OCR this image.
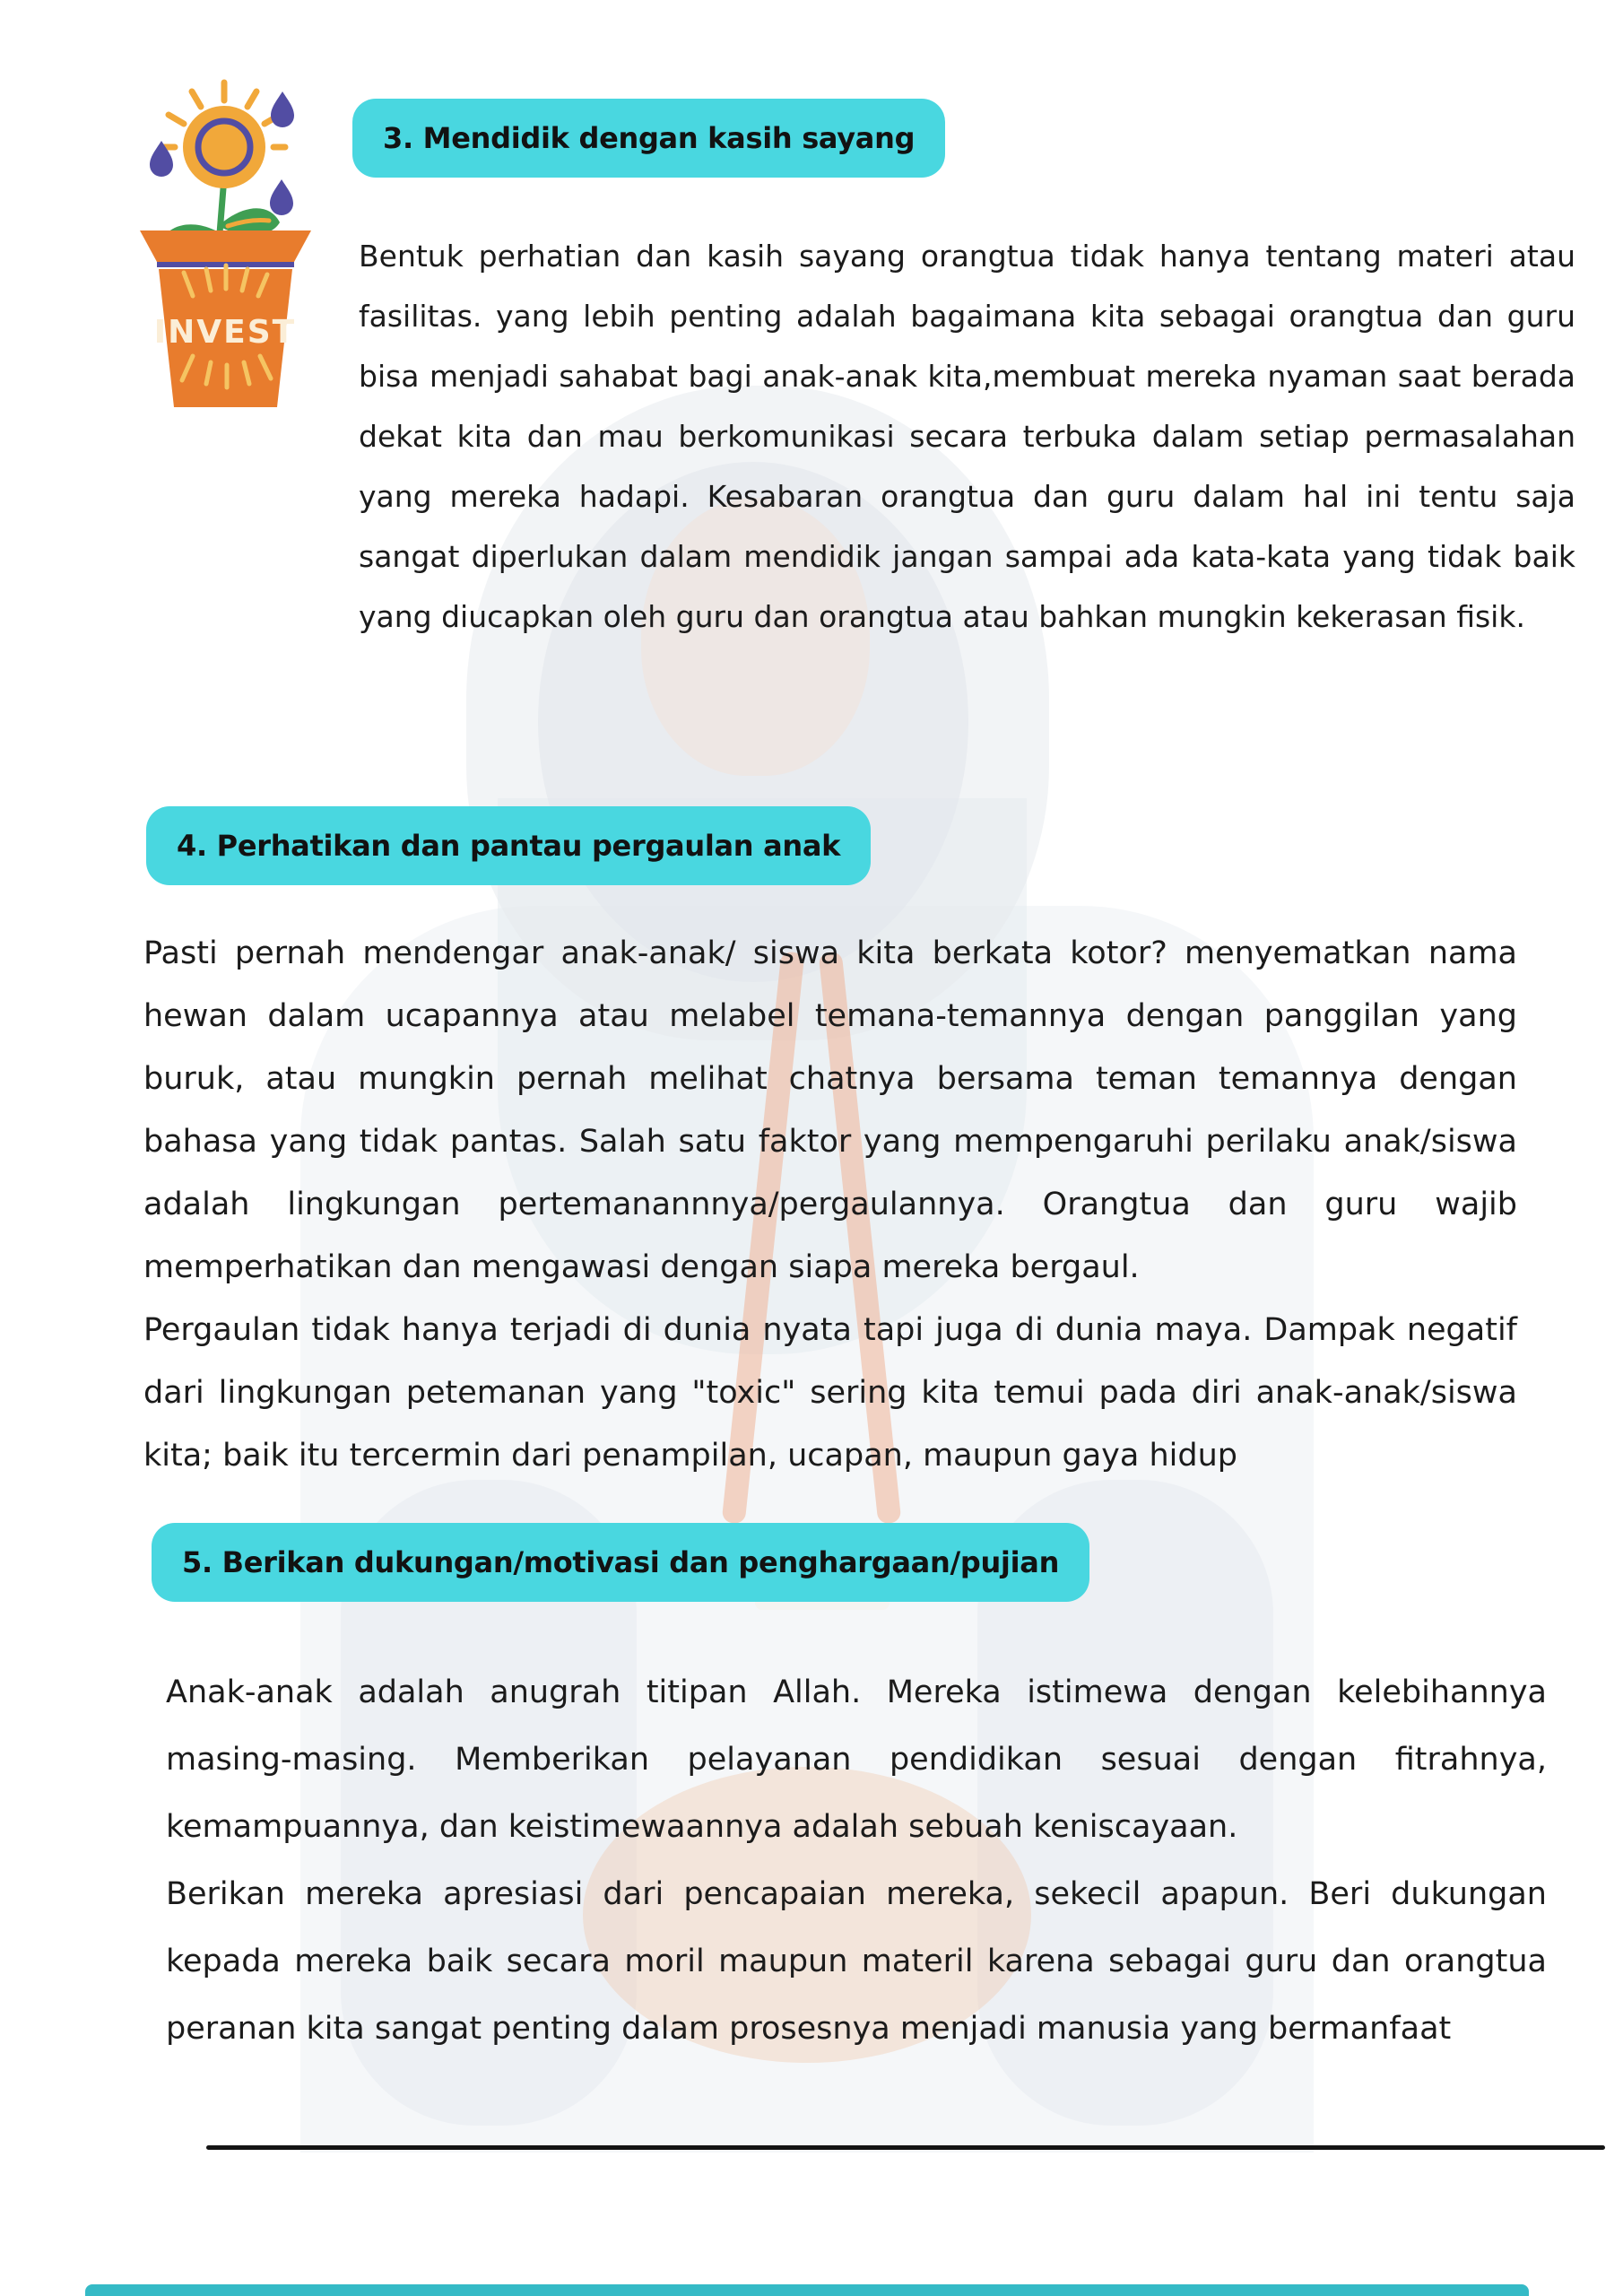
INVEST
3. Mendidik dengan kasih sayang

Bentuk perhatian dan kasih sayang orangtua tidak hanya tentang materi atau fasilitas. yang lebih penting adalah bagaimana kita sebagai orangtua dan guru bisa menjadi sahabat bagi anak-anak kita,membuat mereka nyaman saat berada dekat kita dan mau berkomunikasi secara terbuka dalam setiap permasalahan yang mereka hadapi. Kesabaran orangtua dan guru dalam hal ini tentu saja sangat diperlukan dalam mendidik jangan sampai ada kata-kata yang tidak baik yang diucapkan oleh guru dan orangtua atau bahkan mungkin kekerasan fisik.

4. Perhatikan dan pantau pergaulan anak

Pasti pernah mendengar anak-anak/ siswa kita berkata kotor? menyematkan nama hewan dalam ucapannya atau melabel temana-temannya dengan panggilan yang buruk, atau mungkin pernah melihat chatnya bersama teman temannya dengan bahasa yang tidak pantas. Salah satu faktor yang mempengaruhi perilaku anak/siswa adalah lingkungan pertemanannnya/pergaulannya. Orangtua dan guru wajib memperhatikan dan mengawasi dengan siapa mereka bergaul.

Pergaulan tidak hanya terjadi di dunia nyata tapi juga di dunia maya. Dampak negatif dari lingkungan petemanan yang "toxic" sering kita temui pada diri anak-anak/siswa kita; baik itu tercermin dari penampilan, ucapan, maupun gaya hidup

5. Berikan dukungan/motivasi dan penghargaan/pujian

Anak-anak adalah anugrah titipan Allah. Mereka istimewa dengan kelebihannya masing-masing. Memberikan pelayanan pendidikan sesuai dengan fitrahnya, kemampuannya, dan keistimewaannya adalah sebuah keniscayaan.

Berikan mereka apresiasi dari pencapaian mereka, sekecil apapun. Beri dukungan kepada mereka baik secara moril maupun materil karena sebagai guru dan orangtua peranan kita sangat penting dalam prosesnya menjadi manusia yang bermanfaat
